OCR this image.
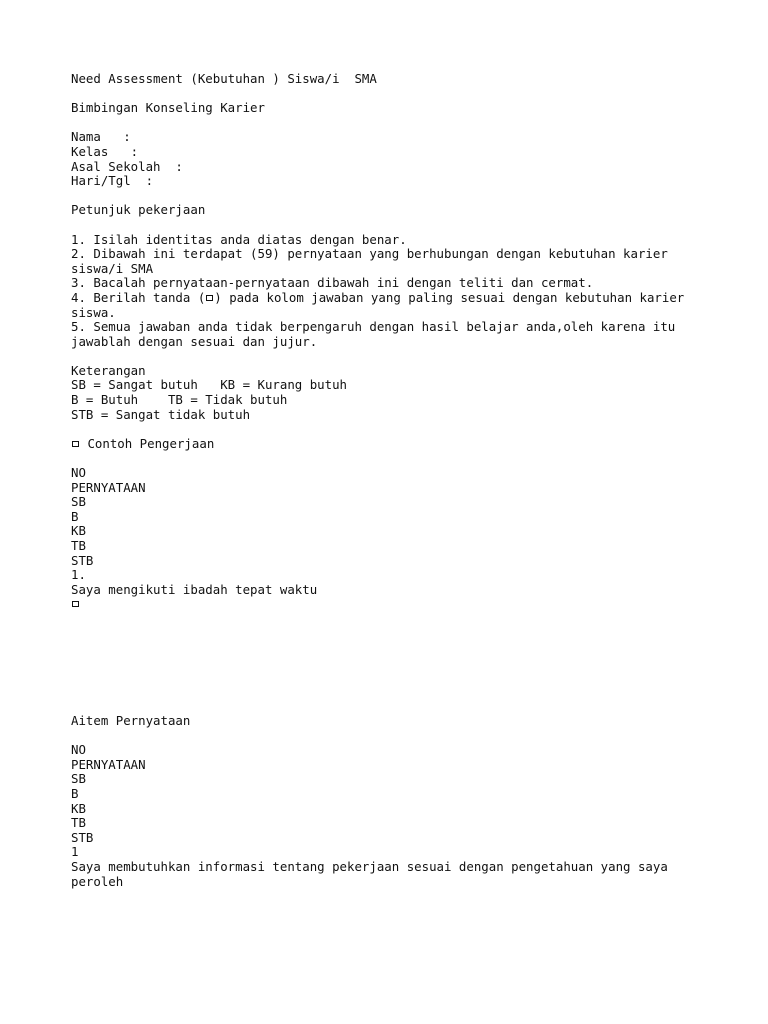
Need Assessment (Kebutuhan ) Siswa/i  SMA
Bimbingan Konseling Karier
Nama   :
Kelas   :
Asal Sekolah  :
Hari/Tgl  :
Petunjuk pekerjaan
1. Isilah identitas anda diatas dengan benar.
2. Dibawah ini terdapat (59) pernyataan yang berhubungan dengan kebutuhan karier siswa/i SMA
3. Bacalah pernyataan-pernyataan dibawah ini dengan teliti dan cermat.
4. Berilah tanda ( ) pada kolom jawaban yang paling sesuai dengan kebutuhan karier siswa.
5. Semua jawaban anda tidak berpengaruh dengan hasil belajar anda,oleh karena itu jawablah dengan sesuai dan jujur.
Keterangan
SB = Sangat butuh   KB = Kurang butuh
B = Butuh    TB = Tidak butuh
STB = Sangat tidak butuh
Contoh Pengerjaan
NO
PERNYATAAN
SB
B
KB
TB
STB
1.
Saya mengikuti ibadah tepat waktu
Aitem Pernyataan
NO
PERNYATAAN
SB
B
KB
TB
STB
1
Saya membutuhkan informasi tentang pekerjaan sesuai dengan pengetahuan yang saya peroleh
